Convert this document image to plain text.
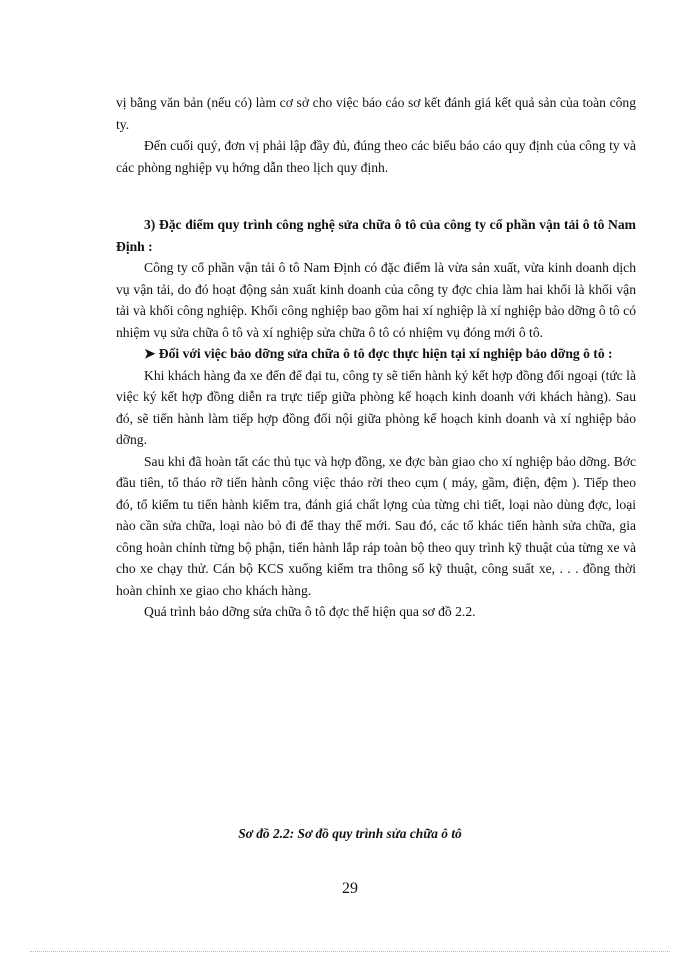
vị bằng văn bản (nếu có) làm cơ sở cho việc báo cáo sơ kết đánh giá kết quả sản của toàn công ty.

Đến cuối quý, đơn vị phải lập đầy đủ, đúng theo các biểu báo cáo quy định của công ty và các phòng nghiệp vụ hớng dẫn theo lịch quy định.

3) Đặc điểm quy trình công nghệ sửa chữa ô tô của công ty cổ phần vận tải ô tô Nam Định :

Công ty cổ phần vận tải ô tô Nam Định có đặc điểm là vừa sản xuất, vừa kinh doanh dịch vụ vận tải, do đó hoạt động sản xuất kinh doanh của công ty đợc chia làm hai khối là khối vận tải và khối công nghiệp. Khối công nghiệp bao gồm hai xí nghiệp là xí nghiệp bảo dỡng ô tô có nhiệm vụ sửa chữa ô tô và xí nghiệp sửa chữa ô tô có nhiệm vụ đóng mới ô tô.

➤ Đối với việc bảo dỡng sửa chữa ô tô đợc thực hiện tại xí nghiệp bảo dỡng ô tô :

Khi khách hàng đa xe đến để đại tu, công ty sẽ tiến hành ký kết hợp đồng đối ngoại (tức là việc ký kết hợp đồng diễn ra trực tiếp giữa phòng kế hoạch kinh doanh với khách hàng). Sau đó, sẽ tiến hành làm tiếp hợp đồng đối nội giữa phòng kế hoạch kinh doanh và xí nghiệp bảo dỡng.

Sau khi đã hoàn tất các thủ tục và hợp đồng, xe đợc bàn giao cho xí nghiệp bảo dỡng. Bớc đầu tiên, tổ tháo rỡ tiến hành công việc tháo rời theo cụm ( máy, gầm, điện, đệm ). Tiếp theo đó, tổ kiểm tu tiến hành kiểm tra, đánh giá chất lợng của từng chi tiết, loại nào dùng đợc, loại nào cần sửa chữa, loại nào bỏ đi để thay thế mới. Sau đó, các tổ khác tiến hành sửa chữa, gia công hoàn chỉnh từng bộ phận, tiến hành lắp ráp toàn bộ theo quy trình kỹ thuật của từng xe và cho xe chạy thử. Cán bộ KCS xuống kiểm tra thông số kỹ thuật, công suất xe, . . . đồng thời hoàn chỉnh xe giao cho khách hàng.

Quá trình bảo dỡng sửa chữa ô tô đợc thể hiện qua sơ đồ 2.2.

Sơ đồ 2.2: Sơ đồ quy trình sửa chữa ô tô
29
